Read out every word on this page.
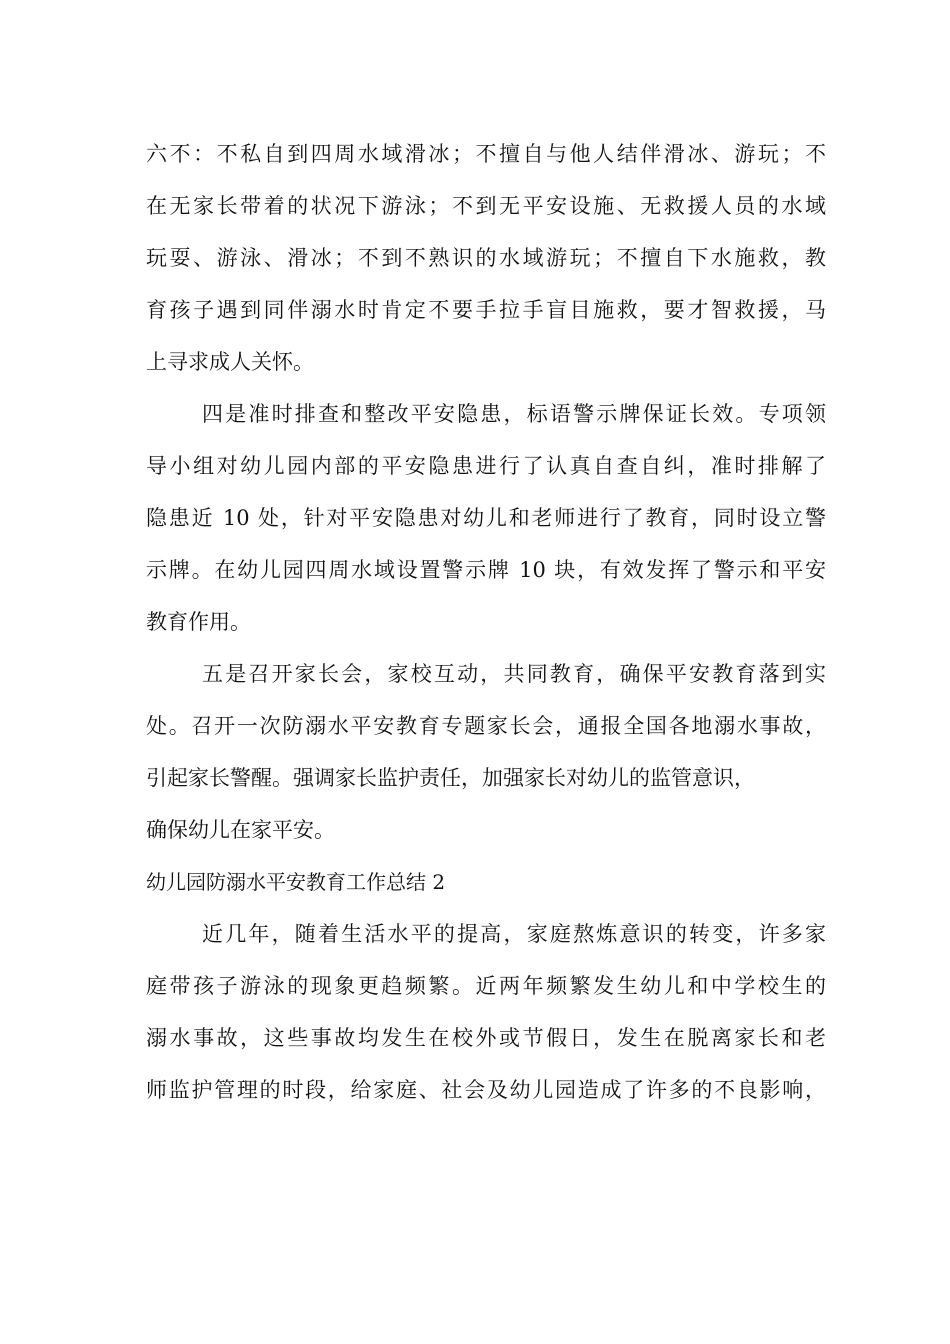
六不：不私自到四周水域滑冰；不擅自与他人结伴滑冰、游玩；不
在无家长带着的状况下游泳；不到无平安设施、无救援人员的水域
玩耍、游泳、滑冰；不到不熟识的水域游玩；不擅自下水施救，教
育孩子遇到同伴溺水时肯定不要手拉手盲目施救，要才智救援，马
上寻求成人关怀。
四是准时排查和整改平安隐患，标语警示牌保证长效。专项领
导小组对幼儿园内部的平安隐患进行了认真自查自纠，准时排解了
隐患近 10 处，针对平安隐患对幼儿和老师进行了教育，同时设立警
示牌。在幼儿园四周水域设置警示牌 10 块，有效发挥了警示和平安
教育作用。
五是召开家长会，家校互动，共同教育，确保平安教育落到实
处。召开一次防溺水平安教育专题家长会，通报全国各地溺水事故，
引起家长警醒。强调家长监护责任，加强家长对幼儿的监管意识，
确保幼儿在家平安。
幼儿园防溺水平安教育工作总结 2
近几年，随着生活水平的提高，家庭熬炼意识的转变，许多家
庭带孩子游泳的现象更趋频繁。近两年频繁发生幼儿和中学校生的
溺水事故，这些事故均发生在校外或节假日，发生在脱离家长和老
师监护管理的时段，给家庭、社会及幼儿园造成了许多的不良影响，
